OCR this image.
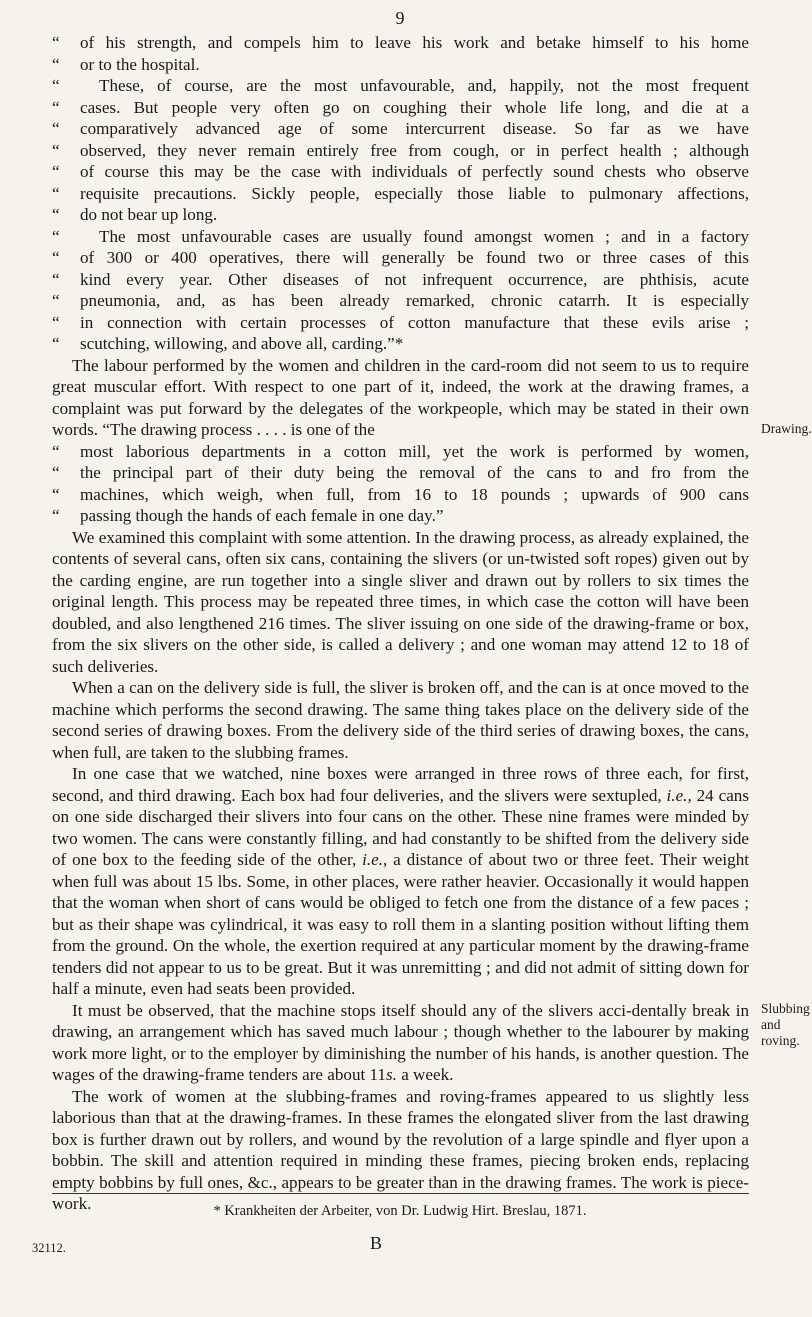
9
“	of his strength, and compels him to leave his work and betake himself to his home
“	or to the hospital.
“	These, of course, are the most unfavourable, and, happily, not the most frequent
“	cases. But people very often go on coughing their whole life long, and die at a
“	comparatively advanced age of some intercurrent disease. So far as we have
“	observed, they never remain entirely free from cough, or in perfect health ; although
“	of course this may be the case with individuals of perfectly sound chests who observe
“	requisite precautions. Sickly people, especially those liable to pulmonary affections,
“	do not bear up long.
“	The most unfavourable cases are usually found amongst women ; and in a factory
“	of 300 or 400 operatives, there will generally be found two or three cases of this
“	kind every year. Other diseases of not infrequent occurrence, are phthisis, acute
“	pneumonia, and, as has been already remarked, chronic catarrh. It is especially
“	in connection with certain processes of cotton manufacture that these evils arise ;
“	scutching, willowing, and above all, carding.”*

The labour performed by the women and children in the card-room did not seem to us to require great muscular effort. With respect to one part of it, indeed, the work at the drawing frames, a complaint was put forward by the delegates of the workpeople, which may be stated in their own words. “The drawing process . . . . is one of the

“	most laborious departments in a cotton mill, yet the work is performed by women,
“	the principal part of their duty being the removal of the cans to and fro from the
“	machines, which weigh, when full, from 16 to 18 pounds ; upwards of 900 cans
“	passing though the hands of each female in one day.”

We examined this complaint with some attention. In the drawing process, as already explained, the contents of several cans, often six cans, containing the slivers (or un-twisted soft ropes) given out by the carding engine, are run together into a single sliver and drawn out by rollers to six times the original length. This process may be repeated three times, in which case the cotton will have been doubled, and also lengthened 216 times. The sliver issuing on one side of the drawing-frame or box, from the six slivers on the other side, is called a delivery ; and one woman may attend 12 to 18 of such deliveries.

When a can on the delivery side is full, the sliver is broken off, and the can is at once moved to the machine which performs the second drawing. The same thing takes place on the delivery side of the second series of drawing boxes. From the delivery side of the third series of drawing boxes, the cans, when full, are taken to the slubbing frames.

In one case that we watched, nine boxes were arranged in three rows of three each, for first, second, and third drawing. Each box had four deliveries, and the slivers were sextupled, i.e., 24 cans on one side discharged their slivers into four cans on the other. These nine frames were minded by two women. The cans were constantly filling, and had constantly to be shifted from the delivery side of one box to the feeding side of the other, i.e., a distance of about two or three feet. Their weight when full was about 15 lbs. Some, in other places, were rather heavier. Occasionally it would happen that the woman when short of cans would be obliged to fetch one from the distance of a few paces ; but as their shape was cylindrical, it was easy to roll them in a slanting position without lifting them from the ground. On the whole, the exertion required at any particular moment by the drawing-frame tenders did not appear to us to be great. But it was unremitting ; and did not admit of sitting down for half a minute, even had seats been provided.

It must be observed, that the machine stops itself should any of the slivers acci-dentally break in drawing, an arrangement which has saved much labour ; though whether to the labourer by making work more light, or to the employer by diminishing the number of his hands, is another question. The wages of the drawing-frame tenders are about 11s. a week.

The work of women at the slubbing-frames and roving-frames appeared to us slightly less laborious than that at the drawing-frames. In these frames the elongated sliver from the last drawing box is further drawn out by rollers, and wound by the revolution of a large spindle and flyer upon a bobbin. The skill and attention required in minding these frames, piecing broken ends, replacing empty bobbins by full ones, &c., appears to be greater than in the drawing frames. The work is piece-work.

Drawing.
Slubbing
and roving.
* Krankheiten der Arbeiter, von Dr. Ludwig Hirt. Breslau, 1871.
B
32112.
